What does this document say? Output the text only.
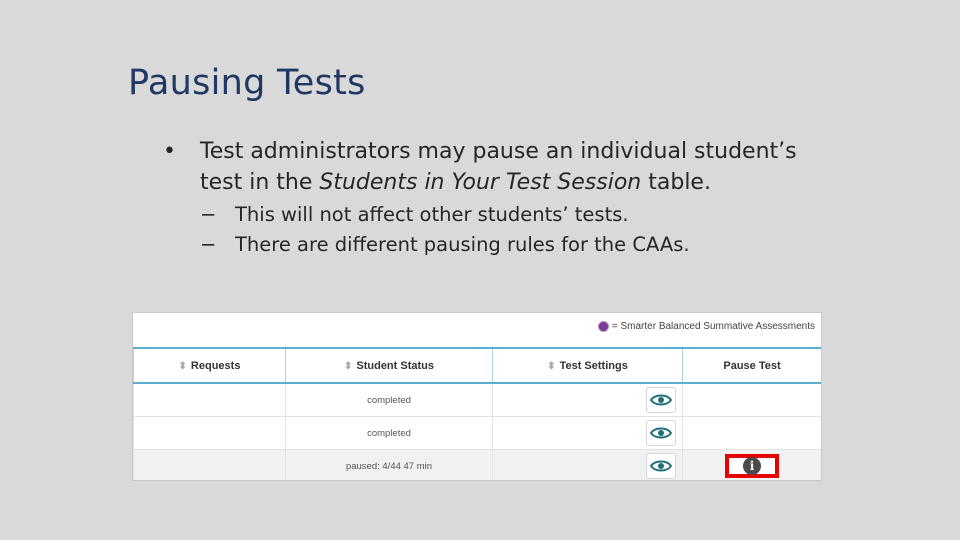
Pausing Tests
•	Test administrators may pause an individual student’s test in the Students in Your Test Session table.
− This will not affect other students’ tests.
− There are different pausing rules for the CAAs.
= Smarter Balanced Summative Assessments
⬍ Requests	⬍ Student Status	⬍ Test Settings	Pause Test
	completed	

	completed	

	paused: 4/44 47 min		i
